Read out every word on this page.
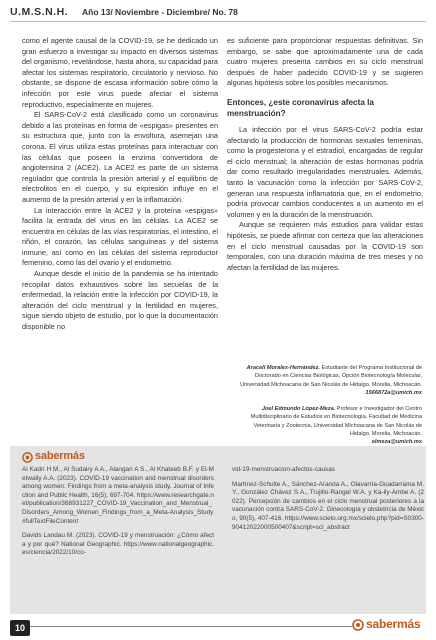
U.M.S.N.H. Año 13/ Noviembre - Diciembre/ No. 78

como el agente causal de la COVID-19, se he dedicado un gran esfuerzo a investigar su impacto en diversos sistemas del organismo, revelándose, hasta ahora, su capacidad para afectar los sistemas respiratorio, circulatorio y nervioso. No obstante, se dispone de escasa información sobre cómo la infección por este virus puede afectar el sistema reproductivo, especialmente en mujeres.

El SARS-CoV-2 está clasificado como un coronavirus debido a las proteínas en forma de «espigas» presentes en su estructura que, junto con la envoltura, asemejan una corona. El virus utiliza estas proteínas para interactuar con las células que poseen la enzima convertidora de angiotensina 2 (ACE2). La ACE2 es parte de un sistema regulador que controla la presión arterial y el equilibrio de electrolitos en el cuerpo, y su expresión influye en el aumento de la presión arterial y en la inflamación.

La interacción entre la ACE2 y la proteína «espigas» facilita la entrada del virus en las células. La ACE2 se encuentra en células de las vías respiratorias, el intestino, el riñón, el corazón, las células sanguíneas y del sistema inmune, así como en las células del sistema reproductor femenino, como las del ovario y el endometrio.

Aunque desde el inicio de la pandemia se ha intentado recopilar datos exhaustivos sobre las secuelas de la enfermedad, la relación entre la infección por COVID-19, la alteración del ciclo menstrual y la fertilidad en mujeres, sigue siendo objeto de estudio, por lo que la documentación disponible no

es suficiente para proporcionar respuestas definitivas. Sin embargo, se sabe que aproximadamente una de cada cuatro mujeres presenta cambios en su ciclo menstrual después de haber padecido COVID-19 y se sugieren algunas hipótesis sobre los posibles mecanismos.

Entonces, ¿este coronavirus afecta la menstruación?

La infección por el virus SARS-CoV-2 podría estar afectando la producción de hormonas sexuales femeninas, como la progesterona y el estradiol, encargadas de regular el ciclo menstrual; la alteración de estas hormonas podría dar como resultado irregularidades menstruales. Además, tanto la vacunación como la infección por SARS-CoV-2, generan una respuesta inflamatoria que, en el endometrio, podría provocar cambios conducentes a un aumento en el volumen y en la duración de la menstruación.

Aunque se requieren más estudios para validar estas hipótesis, se puede afirmar con certeza que las alteraciones en el ciclo menstrual causadas por la COVID-19 son temporales, con una duración máxima de tres meses y no afectan la fertilidad de las mujeres.

Araceli Morales-Hernández. Estudiante del Programa Institucional de Doctorado en Ciencias Biológicas, Opción Biotecnología Molecular, Universidad Michoacana de San Nicolás de Hidalgo. Morelia, Michoacán.
1566872a@umich.mx
Joel Edmundo López-Meza. Profesor e Investigador del Centro Multidisciplinario de Estudios en Biotecnología, Facultad de Medicina Veterinaria y Zootecnia, Universidad Michoacana de San Nicolás de Hidalgo. Morelia, Michoacán.
elmeza@umich.mx
sabermás

Al Kadri H M., Al Sudairy A A., Alangari A S., Al Khateeb B.F. y El-Metwally A.A. (2023). COVID-19 vaccination and menstrual disorders among women: Findings from a meta-analysis study. Journal of Infection and Public Health, 16(5), 697-704. https://www.researchgate.net/publication/368931227_COVID-19_Vaccination_and_Menstrual_Disorders_Among_Women_Findings_from_a_Meta-Analysis_Study#fullTextFileContent

Davids Landau M. (2023). COVID-19 y menstruación: ¿Cómo afecta y por qué? National Geographic. https://www.nationalgeographic.es/ciencia/2022/10/co-

vid-19-menstruacion-afectos-causas

Martínez-Schulte A., Sánchez-Aranda A., Olavarría-Guadarrama M.Y., González Chávez S.A., Trujillo-Rangel W.A. y Ka-ily-Ambe A. (2022). Percepción de cambios en el ciclo menstrual posteriores a la vacunación contra SARS-CoV-2. Ginecología y obstetricia de México, 90(5), 407-416. https://www.scielo.org.mx/scielo.php?pid=S0300-90412022000500407&script=sci_abstract

10	sabermás
